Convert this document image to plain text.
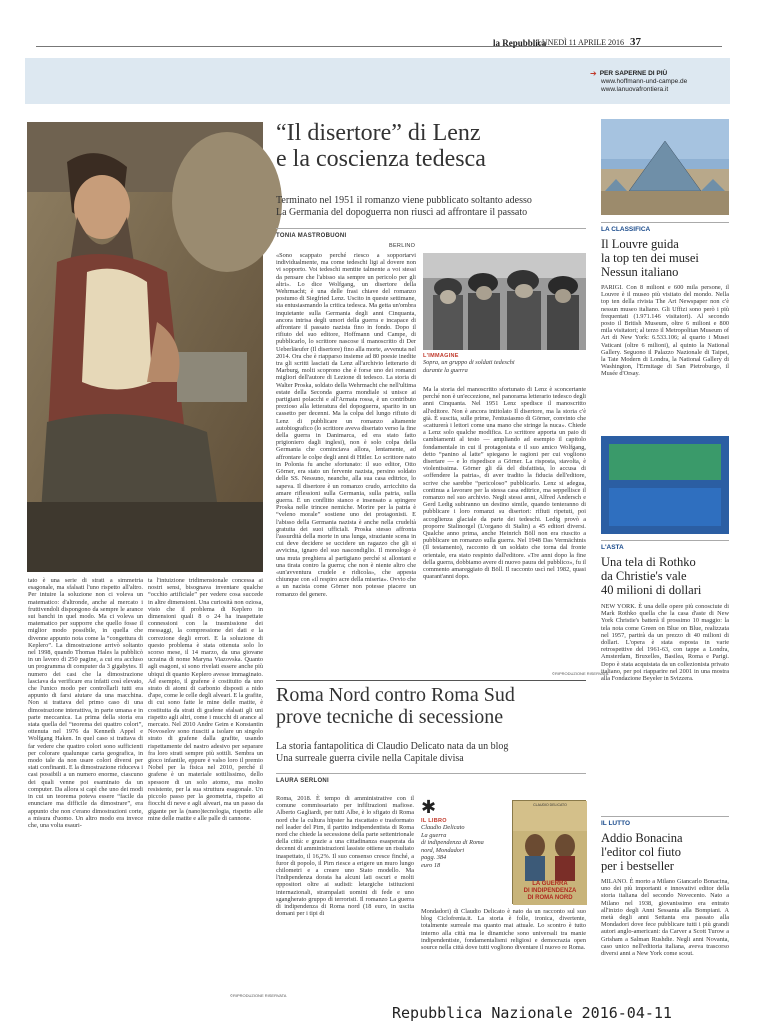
la Repubblica
LUNEDÌ 11 APRILE 2016 37
➔ PER SAPERNE DI PIÙ
www.hoffmann-und-campe.de
www.lanuovafrontiera.it
“Il disertore” di Lenz
e la coscienza tedesca
Terminato nel 1951 il romanzo viene pubblicato soltanto adesso
La Germania del dopoguerra non riuscì ad affrontare il passato
TONIA MASTROBUONI
BERLINO
«Sono scappato perché riesco a sopportarvi individualmente, ma come tedeschi ligi al dovere non vi sopporto. Voi tedeschi mentite talmente a voi stessi da pensare che l'abisso sia sempre un pericolo per gli altri». Lo dice Wolfgang, un disertore della Wehrmacht; è una delle frasi chiave del romanzo postumo di Siegfried Lenz. Uscito in queste settimane, sta entusiasmando la critica tedesca. Ma getta un'ombra inquietante sulla Germania degli anni Cinquanta, ancora intrisa degli umori della guerra e incapace di affrontare il passato nazista fino in fondo. Dopo il rifiuto del suo editore, Hoffmann und Campe, di pubblicarlo, lo scrittore nascose il manoscritto di Der Ueberläeufer (Il disertore) fino alla morte, avvenuta nel 2014. Ora che è riapparso insieme ad 80 poesie inedite tra gli scritti lasciati da Lenz all'archivio letterario di Marburg, molti scoprono che è forse uno dei romanzi migliori dell'autore di Lezione di tedesco. La storia di Walter Proska, soldato della Wehrmacht che nell'ultima estate della Seconda guerra mondiale si unisce ai partigiani polacchi e all'Armata rossa, è un contributo prezioso alla letteratura del dopoguerra, sparito in un cassetto per decenni. Ma la colpa del lungo rifiuto di Lenz di pubblicare un romanzo altamente autobiografico (lo scrittore aveva disertato verso la fine della guerra in Danimarca, ed era stato fatto prigioniero dagli inglesi), non è solo colpa della Germania che cominciava allora, lentamente, ad affrontare le colpe degli anni di Hitler. Lo scrittore nato in Polonia fu anche sfortunato: il suo editor, Otto Görner, era stato un fervente nazista, persino soldato delle SS. Nessuno, neanche, alla sua casa editrice, lo sapeva. Il disertore è un romanzo crudo, arricchito da amare riflessioni sulla Germania, sulla patria, sulla guerra. È un conflitto stanco e insensato a spingere Proska nelle trincee nemiche. Morire per la patria è “veleno morale” sostiene uno dei protagonisti. E l'abisso della Germania nazista è anche nella crudeltà gratuita dei suoi ufficiali. Proska stesso affronta l'assurdità della morte in una lunga, straziante scena in cui deve decidere se uccidere un ragazzo che gli si avvicina, ignaro del suo nascondiglio. Il monologo è una muta preghiera al partigiano perché si allontani e una tirata contro la guerra; che non è niente altro che «un'avventura crudele e ridicola», che appesta chiunque con «il respiro acre della miseria». Ovvio che a un nazista come Görner non potesse piacere un romanzo del genere.
L'IMMAGINE
Sopra, un gruppo di soldati tedeschi
durante la guerra
Ma la storia del manoscritto sfortunato di Lenz è sconcertante perché non è un'eccezione, nel panorama letterario tedesco degli anni Cinquanta. Nel 1951 Lenz spedisce il manoscritto all'editore. Non è ancora intitolato Il disertore, ma la storia c'è già. È suscita, sulle prime, l'entusiasmo di Görner, convinto che «catturerà i lettori come una mano che stringe la nuca». Chiede a Lenz solo qualche modifica. Lo scrittore apporta un paio di cambiamenti al testo — ampliando ad esempio il capitolo fondamentale in cui il protagonista e il suo amico Wolfgang, detto “panino al latte” spiegano le ragioni per cui vogliono disertare — e lo rispedisce a Görner. La risposta, stavolta, è violentissima. Görner gli dà del disfattista, lo accusa di «offendere la patria», di aver tradito la fiducia dell'editore, scrive che sarebbe “pericoloso” pubblicarlo. Lenz si adegua, continua a lavorare per la stessa casa editrice, ma seppellisce il romanzo nel suo archivio. Negli stessi anni, Alfred Andersch e Gerd Ledig subiranno un destino simile, quando tenteranno di pubblicare i loro romanzi su disertori: rifiuti ripetuti, poi accoglienza glaciale da parte dei tedeschi. Ledig provò a proporre Stalinorgel (L'organo di Stalin) a 45 editori diversi. Qualche anno prima, anche Heinrich Böll non era riuscito a pubblicare un romanzo sulla guerra. Nel 1948 Das Vermächtnis (Il testamento), racconto di un soldato che torna dal fronte orientale, era stato respinto dall'editore. «Tre anni dopo la fine della guerra, dobbiamo avere di nuovo paura del pubblico», fu il commento amareggiato di Böll. Il racconto uscì nel 1982, quasi quarant'anni dopo.
©RIPRODUZIONE RISERVATA
tato è una serie di strati a simmetria esagonale, ma sfalsati l'uno rispetto all'altro. Per intuire la soluzione non ci voleva un matematico: d'altronde, anche al mercato i fruttivendoli dispongono da sempre le arance sui banchi in quel modo. Ma ci voleva un matematico per supporre che quello fosse il miglior modo possibile, in quella che divenne appunto nota come la “congettura di Keplero”. La dimostrazione arrivò soltanto nel 1998, quando Thomas Hales la pubblicò in un lavoro di 250 pagine, a cui era accluso un programma di computer da 3 gigabytes. Il numero dei casi che la dimostrazione lasciava da verificare era infatti così elevato, che l'unico modo per controllarli tutti era appunto di farsi aiutare da una macchina. Non si trattava del primo caso di una dimostrazione interattiva, in parte umana e in parte meccanica. La prima della storia era stata quella del “teorema dei quattro colori”, ottenuta nel 1976 da Kenneth Appel e Wolfgang Haken. In quel caso si trattava di far vedere che quattro colori sono sufficienti per colorare qualunque carta geografica, in modo tale da non usare colori diversi per stati confinanti. E la dimostrazione riduceva i casi possibili a un numero enorme, ciascuno dei quali venne poi esaminato da un computer. Da allora si capì che uno dei modi in cui un teorema poteva essere “facile da enunciare ma difficile da dimostrare”, era appunto che non c'erano dimostrazioni corte, a misura d'uomo. Un altro modo era invece che, una volta esauri-
ta l'intuizione tridimensionale concessa ai nostri sensi, bisognava inventare qualche “occhio artificiale” per vedere cosa succede in altre dimensioni. Una curiosità non oziosa, visto che il problema di Keplero in dimensioni quali 8 o 24 ha inaspettate connessioni con la trasmissione dei messaggi, la compressione dei dati e la correzione degli errori. E la soluzione di questo problema è stata ottenuta solo lo scorso mese, il 14 marzo, da una giovane ucraina di nome Maryna Viazovska. Quanto agli esagoni, si sono rivelati essere anche più ubiqui di quanto Keplero avesse immaginato. Ad esempio, il grafene è costituito da uno strato di atomi di carbonio disposti a nido d'ape, come le celle degli alveari. E la grafite, di cui sono fatte le mine delle matite, è costituita da strati di grafene sfalsati gli uni rispetto agli altri, come i mucchi di arance al mercato. Nel 2010 Andre Geim e Konstantin Novoselov sono riusciti a isolare un singolo strato di grafene dalla grafite, usando rispettamente del nastro adesivo per separare fra loro strati sempre più sottili. Sembra un gioco infantile, eppure è valso loro il premio Nobel per la fisica nel 2010, perché il grafene è un materiale sottilissimo, dello spessore di un solo atomo, ma molto resistente, per la sua struttura esagonale. Un piccolo passo per la geometria, rispetto ai fiocchi di neve e agli alveari, ma un passo da gigante per la (nano)tecnologia, rispetto alle mine delle matite e alle palle di cannone.
©RIPRODUZIONE RISERVATA
Roma Nord contro Roma Sud
prove tecniche di secessione
La storia fantapolitica di Claudio Delicato nata da un blog
Una surreale guerra civile nella Capitale divisa
LAURA SERLONI
Roma, 2018. È tempo di amministrative con il comune commissariato per infiltrazioni mafiose. Alberto Gagliardi, per tutti Albe, è lo sfigato di Roma nord che la cultura hipster ha riscattato e trasformato nel leader del Pirn, il partito indipendentista di Roma nord che chiede la secessione della parte settentrionale della città: e grazie a una cittadinanza esasperata da decenni di amministrazioni lassiste ottiene un risultato inaspettato, il 16,2%. Il suo consenso cresce finché, a furor di popolo, il Pirn riesce a erigere un muro lungo chilometri e a creare uno Stato modello. Ma l'indipendenza dorata ha alcuni lati oscuri e molti oppositori oltre ai sudisti: letargiche istituzioni internazionali, strampalati uomini di fede e uno sgangherato gruppo di terroristi. Il romanzo La guerra di indipendenza di Roma nord (18 euro, in uscita domani per i tipi di
✱
IL LIBRO
Claudio Delicato
La guerra
di indipendenza di Roma
nord, Mondadori
pagg. 384
euro 18
CLAUDIO DELICATO
LA GUERRA
DI INDIPENDENZA
DI ROMA NORD
Mondadori) di Claudio Delicato è nato da un racconto sul suo blog Ciclofrenia.it. La storia è folle, ironica, divertente, totalmente surreale ma quanto mai attuale. Lo scontro è tutto interno alla città ma le dinamiche sono universali tra manie indipendentiste, fondamentalismi religiosi e democrazia open source nella città dove tutti vogliono diventare il nuovo re Roma.
LA CLASSIFICA
Il Louvre guida
la top ten dei musei
Nessun italiano
PARIGI. Con 8 milioni e 600 mila persone, il Louvre è il museo più visitato del mondo. Nella top ten della rivista The Art Newspaper non c'è nessun museo italiano. Gli Uffizi sono però i più frequentati (1.971.146 visitatori). Al secondo posto il British Museum, oltre 6 milioni e 800 mila visitatori; al terzo il Metropolitan Museum of Art di New York: 6.533.106; al quarto i Musei Vaticani (oltre 6 milioni), al quinto la National Gallery. Seguono il Palazzo Nazionale di Taipei, la Tate Modern di Londra, la National Gallery di Washington, l'Ermitage di San Pietroburgo, il Musée d'Orsay.
L'ASTA
Una tela di Rothko
da Christie's vale
40 milioni di dollari
NEW YORK. È una delle opere più conosciute di Mark Rothko quella che la casa d'aste di New York Christie's batterà il prossimo 10 maggio: la tela nota come Green on Blue on Blue, realizzata nel 1957, partirà da un prezzo di 40 milioni di dollari. L'opera è stata esposta in varie retrospettive del 1961-63, con tappe a Londra, Amsterdam, Bruxelles, Basilea, Roma e Parigi. Dopo è stata acquistata da un collezionista privato italiano, per poi riapparire nel 2001 in una mostra alla Fondazione Beyeler in Svizzera.
IL LUTTO
Addio Bonacina
l'editor col fiuto
per i bestseller
MILANO. È morto a Milano Giancarlo Bonacina, uno dei più importanti e innovativi editor della storia italiana del secondo Novecento. Nato a Milano nel 1938, giovanissimo era entrato all'inizio degli Anni Sessanta alla Bompiani. A metà degli anni Settanta era passato alla Mondadori dove fece pubblicare tutti i più grandi autori anglo-americani: da Carver a Scott Turow a Grisham a Salman Rushdie. Negli anni Novanta, caso unico nell'editoria italiana, aveva trascorso diversi anni a New York come scout.
Repubblica Nazionale 2016-04-11
